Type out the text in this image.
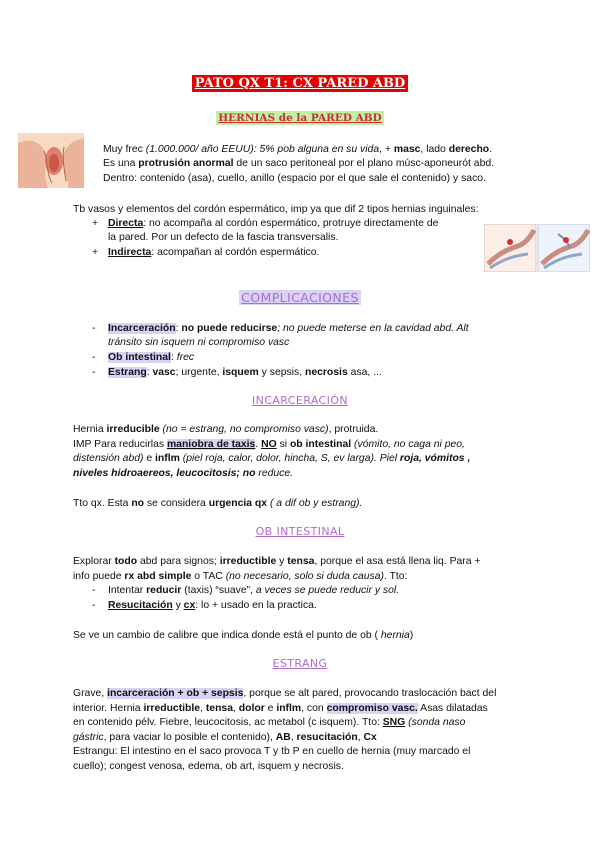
PATO QX T1: CX PARED ABD
HERNIAS de la PARED ABD
Muy frec (1.000.000/ año EEUU): 5% pob alguna en su vida, + masc, lado derecho.
Es una protrusión anormal de un saco peritoneal por el plano músc-aponeurót abd.
Dentro: contenido (asa), cuello, anillo (espacio por el que sale el contenido) y saco.
Tb vasos y elementos del cordón espermático, imp ya que dif 2 tipos hernias inguinales:
+ Directa: no acompaña al cordón espermático, protruye directamente de
la pared. Por un defecto de la fascia transversalis.
+ Indirecta: acompañan al cordón espermático.
COMPLICACIONES
- Incarceración: no puede reducirse; no puede meterse en la cavidad abd. Alt
tránsito sin isquem ni compromiso vasc
- Ob intestinal: frec
- Estrang: vasc; urgente, isquem y sepsis, necrosis asa, ...
INCARCERACIÓN
Hernia irreducible (no = estrang, no compromiso vasc), protruida.
IMP Para reducirlas maniobra de taxis. NO si ob intestinal (vómito, no caga ni peo,
distensión abd) e inflm (piel roja, calor, dolor, hincha, S, ev larga). Piel roja, vómitos ,
niveles hidroaereos, leucocitosis; no reduce.
Tto qx. Esta no se considera urgencia qx ( a dif ob y estrang).
OB INTESTINAL
Explorar todo abd para signos; irreductible y tensa, porque el asa está llena liq. Para +
info puede rx abd simple o TAC (no necesario, solo si duda causa). Tto:
- Intentar reducir (taxis) “suave”, a veces se puede reducir y sol.
- Resucitación y cx: lo + usado en la practica.
Se ve un cambio de calibre que indica donde está el punto de ob ( hernia)
ESTRANG
Grave, incarceración + ob + sepsis, porque se alt pared, provocando traslocación bact del
interior. Hernia irreductible, tensa, dolor e inflm, con compromiso vasc. Asas dilatadas
en contenido pélv. Fiebre, leucocitosis, ac metabol (c isquem). Tto: SNG (sonda naso
gástric, para vaciar lo posible el contenido), AB, resucitación, Cx
Estrangu: El intestino en el saco provoca T y tb P en cuello de hernia (muy marcado el
cuello); congest venosa, edema, ob art, isquem y necrosis.
